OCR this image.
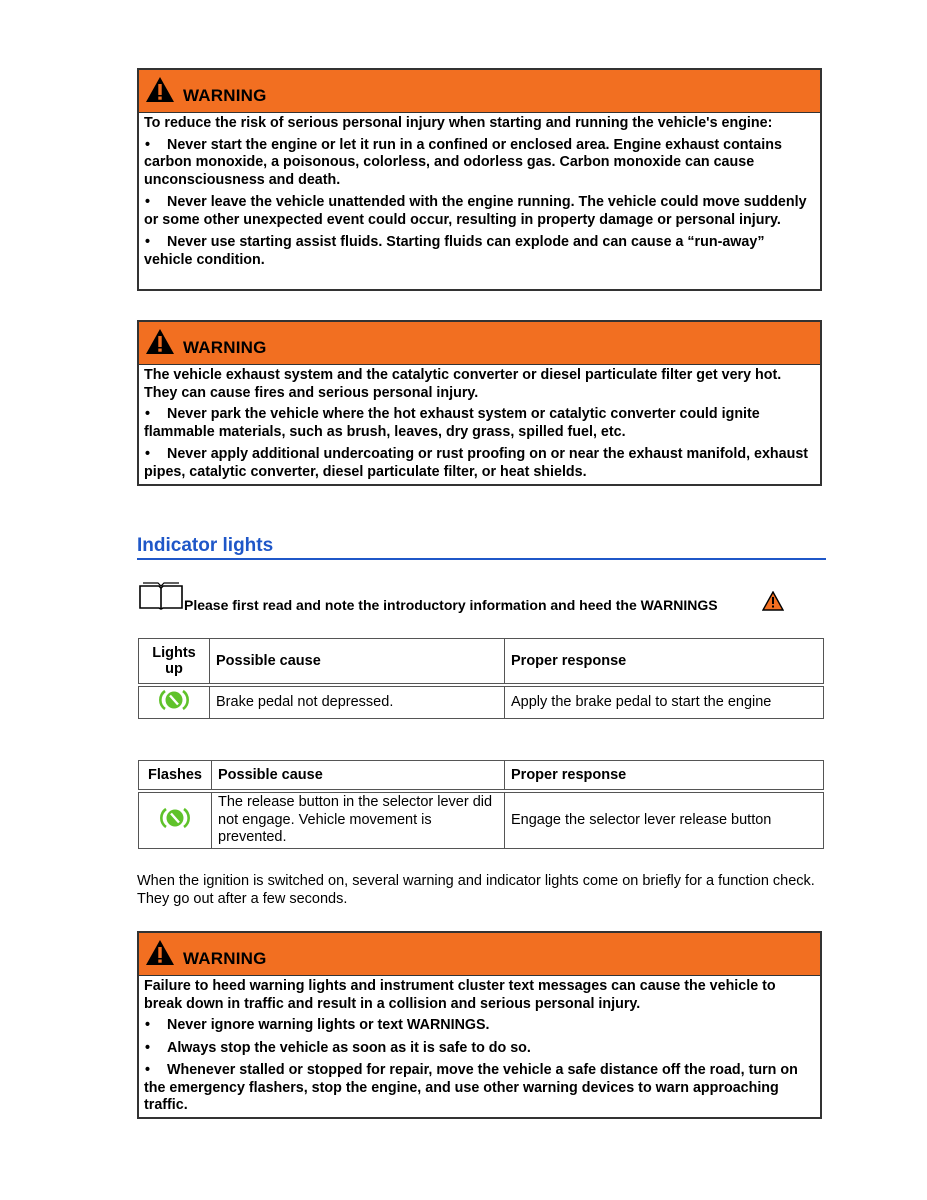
WARNING

To reduce the risk of serious personal injury when starting and running the vehicle's engine:

• Never start the engine or let it run in a confined or enclosed area. Engine exhaust contains carbon monoxide, a poisonous, colorless, and odorless gas. Carbon monoxide can cause unconsciousness and death.

• Never leave the vehicle unattended with the engine running. The vehicle could move suddenly or some other unexpected event could occur, resulting in property damage or personal injury.

• Never use starting assist fluids. Starting fluids can explode and can cause a “run-away” vehicle condition.

WARNING

The vehicle exhaust system and the catalytic converter or diesel particulate filter get very hot. They can cause fires and serious personal injury.

• Never park the vehicle where the hot exhaust system or catalytic converter could ignite flammable materials, such as brush, leaves, dry grass, spilled fuel, etc.

• Never apply additional undercoating or rust proofing on or near the exhaust manifold, exhaust pipes, catalytic converter, diesel particulate filter, or heat shields.

Indicator lights
Please first read and note the introductory information and heed the WARNINGS
Lights up	Possible cause	Proper response
	Brake pedal not depressed.	Apply the brake pedal to start the engine
Flashes	Possible cause	Proper response
	The release button in the selector lever did not engage. Vehicle movement is prevented.	Engage the selector lever release button
When the ignition is switched on, several warning and indicator lights come on briefly for a function check. They go out after a few seconds.
WARNING

Failure to heed warning lights and instrument cluster text messages can cause the vehicle to break down in traffic and result in a collision and serious personal injury.

• Never ignore warning lights or text WARNINGS.

• Always stop the vehicle as soon as it is safe to do so.

• Whenever stalled or stopped for repair, move the vehicle a safe distance off the road, turn on the emergency flashers, stop the engine, and use other warning devices to warn approaching traffic.
